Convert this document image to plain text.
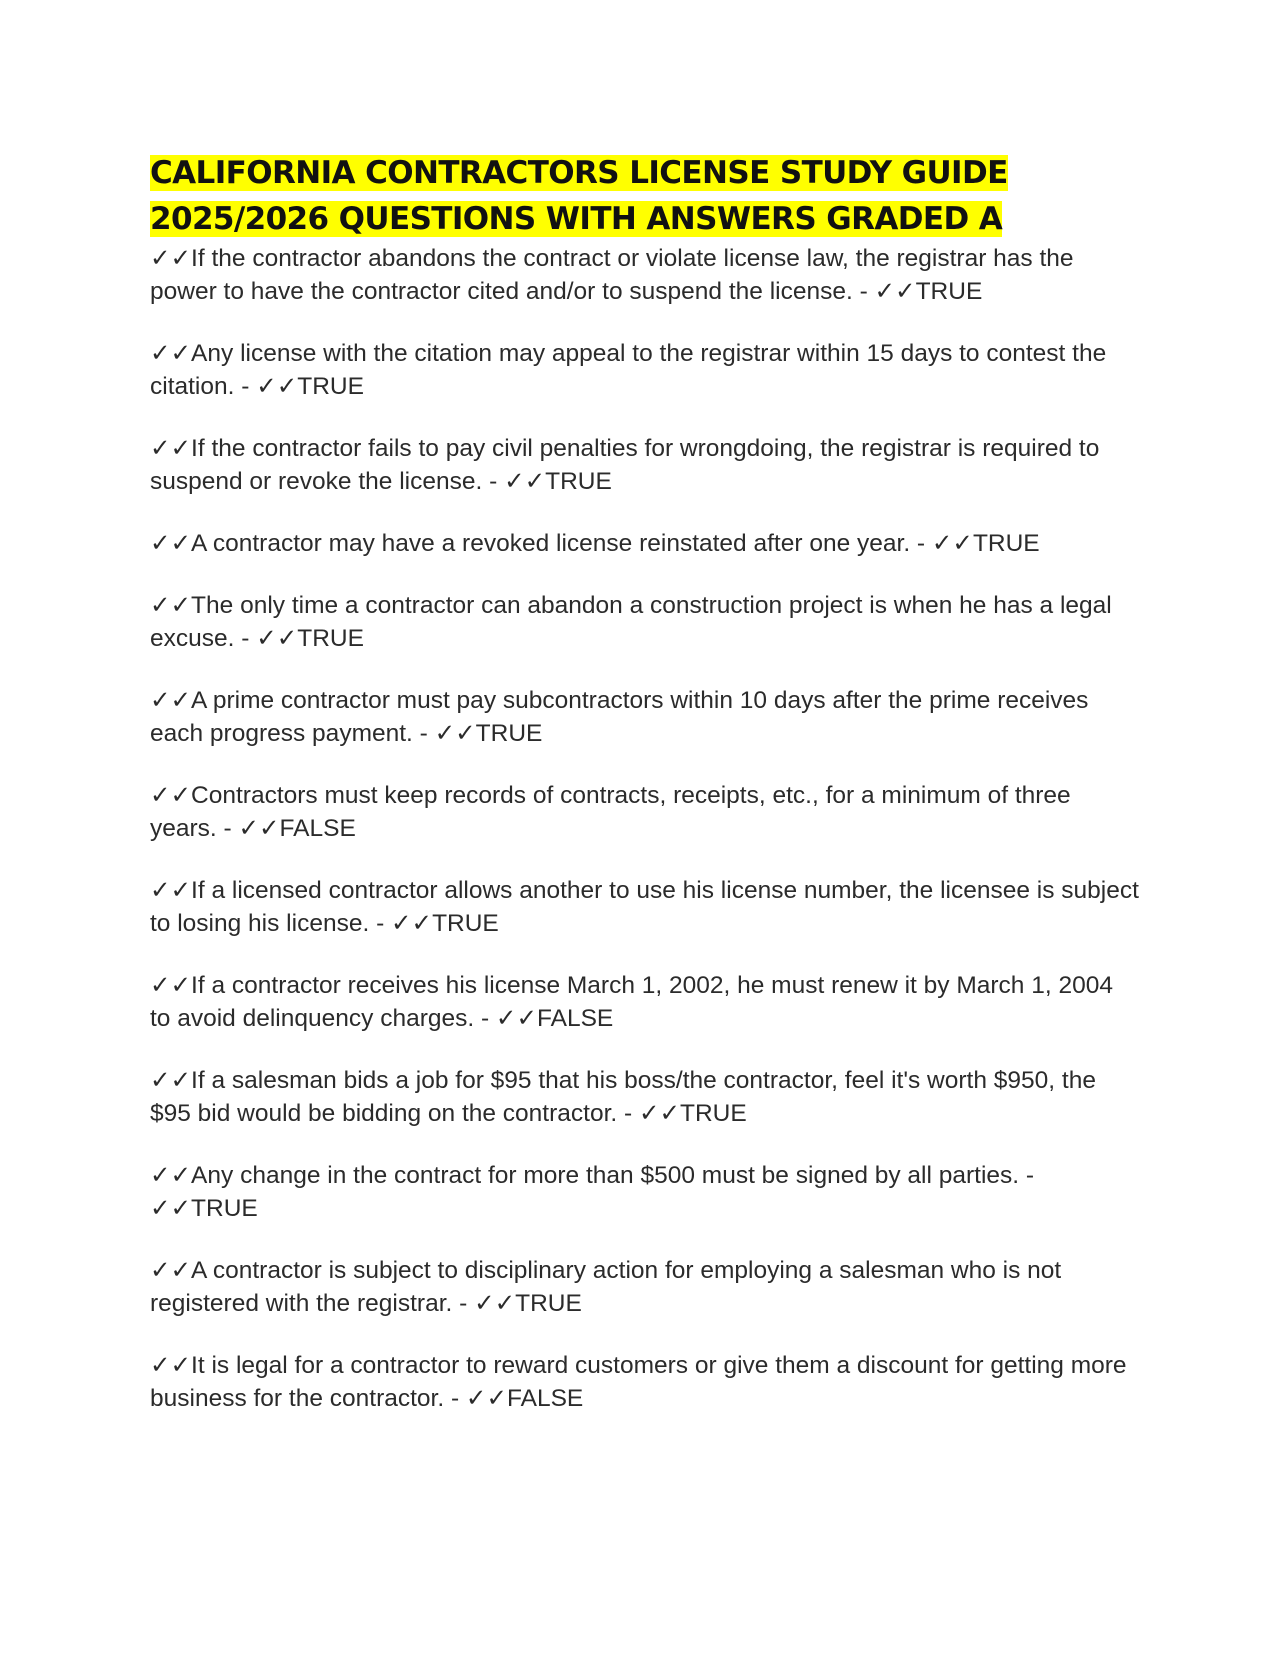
CALIFORNIA CONTRACTORS LICENSE STUDY GUIDE
2025/2026 QUESTIONS WITH ANSWERS GRADED A
✓✓If the contractor abandons the contract or violate license law, the registrar has the power to have the contractor cited and/or to suspend the license. - ✓✓TRUE
✓✓Any license with the citation may appeal to the registrar within 15 days to contest the citation. - ✓✓TRUE
✓✓If the contractor fails to pay civil penalties for wrongdoing, the registrar is required to suspend or revoke the license. - ✓✓TRUE
✓✓A contractor may have a revoked license reinstated after one year. - ✓✓TRUE
✓✓The only time a contractor can abandon a construction project is when he has a legal excuse. - ✓✓TRUE
✓✓A prime contractor must pay subcontractors within 10 days after the prime receives each progress payment. - ✓✓TRUE
✓✓Contractors must keep records of contracts, receipts, etc., for a minimum of three years. - ✓✓FALSE
✓✓If a licensed contractor allows another to use his license number, the licensee is subject to losing his license. - ✓✓TRUE
✓✓If a contractor receives his license March 1, 2002, he must renew it by March 1, 2004 to avoid delinquency charges. - ✓✓FALSE
✓✓If a salesman bids a job for $95 that his boss/the contractor, feel it's worth $950, the $95 bid would be bidding on the contractor. - ✓✓TRUE
✓✓Any change in the contract for more than $500 must be signed by all parties. - ✓✓TRUE
✓✓A contractor is subject to disciplinary action for employing a salesman who is not registered with the registrar. - ✓✓TRUE
✓✓It is legal for a contractor to reward customers or give them a discount for getting more business for the contractor. - ✓✓FALSE
